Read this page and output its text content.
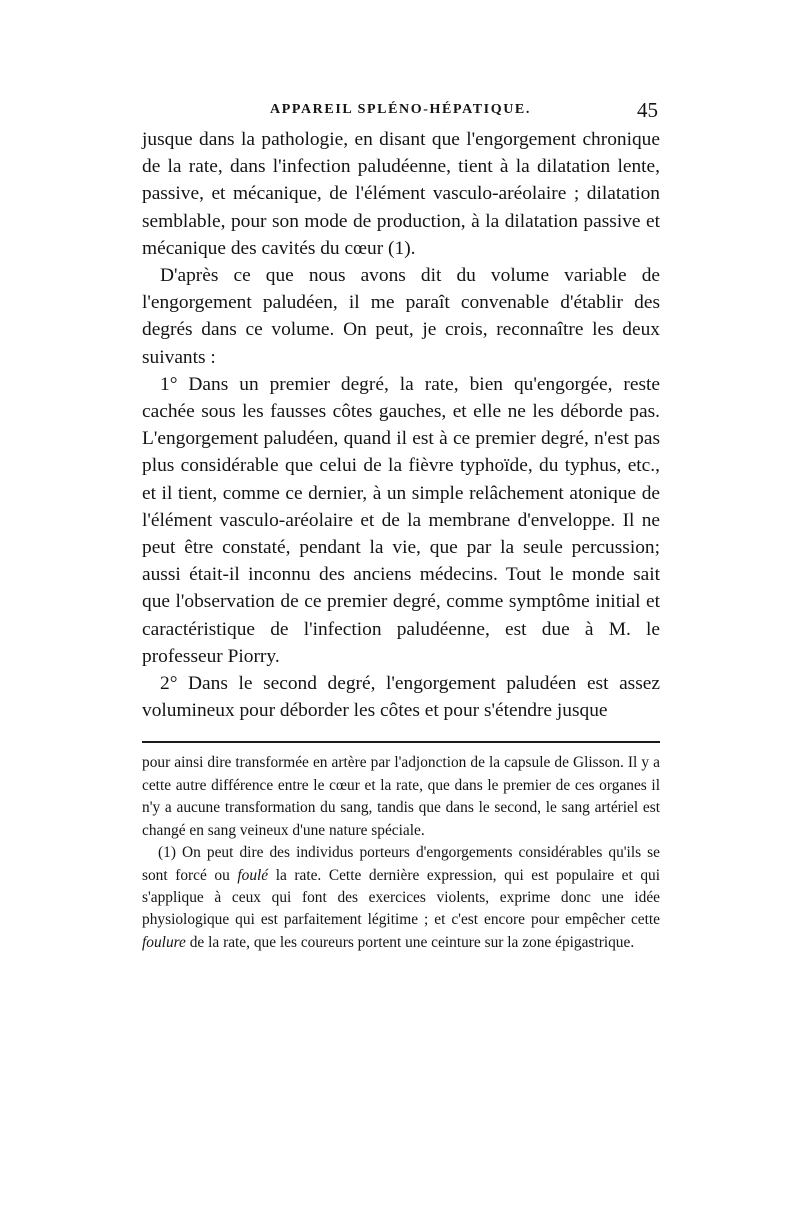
APPAREIL SPLÉNO-HÉPATIQUE.	45

jusque dans la pathologie, en disant que l'engorgement chronique de la rate, dans l'infection paludéenne, tient à la dilatation lente, passive, et mécanique, de l'élément vasculo-aréolaire ; dilatation semblable, pour son mode de production, à la dilatation passive et mécanique des cavités du cœur (1).

D'après ce que nous avons dit du volume variable de l'engorgement paludéen, il me paraît convenable d'établir des degrés dans ce volume. On peut, je crois, reconnaître les deux suivants :

1° Dans un premier degré, la rate, bien qu'engorgée, reste cachée sous les fausses côtes gauches, et elle ne les déborde pas. L'engorgement paludéen, quand il est à ce premier degré, n'est pas plus considérable que celui de la fièvre typhoïde, du typhus, etc., et il tient, comme ce dernier, à un simple relâchement atonique de l'élément vasculo-aréolaire et de la membrane d'enveloppe. Il ne peut être constaté, pendant la vie, que par la seule percussion; aussi était-il inconnu des anciens médecins. Tout le monde sait que l'observation de ce premier degré, comme symptôme initial et caractéristique de l'infection paludéenne, est due à M. le professeur Piorry.

2° Dans le second degré, l'engorgement paludéen est assez volumineux pour déborder les côtes et pour s'étendre jusque

pour ainsi dire transformée en artère par l'adjonction de la capsule de Glisson. Il y a cette autre différence entre le cœur et la rate, que dans le premier de ces organes il n'y a aucune transformation du sang, tandis que dans le second, le sang artériel est changé en sang veineux d'une nature spéciale.

(1) On peut dire des individus porteurs d'engorgements considérables qu'ils se sont forcé ou foulé la rate. Cette dernière expression, qui est populaire et qui s'applique à ceux qui font des exercices violents, exprime donc une idée physiologique qui est parfaitement légitime ; et c'est encore pour empêcher cette foulure de la rate, que les coureurs portent une ceinture sur la zone épigastrique.
